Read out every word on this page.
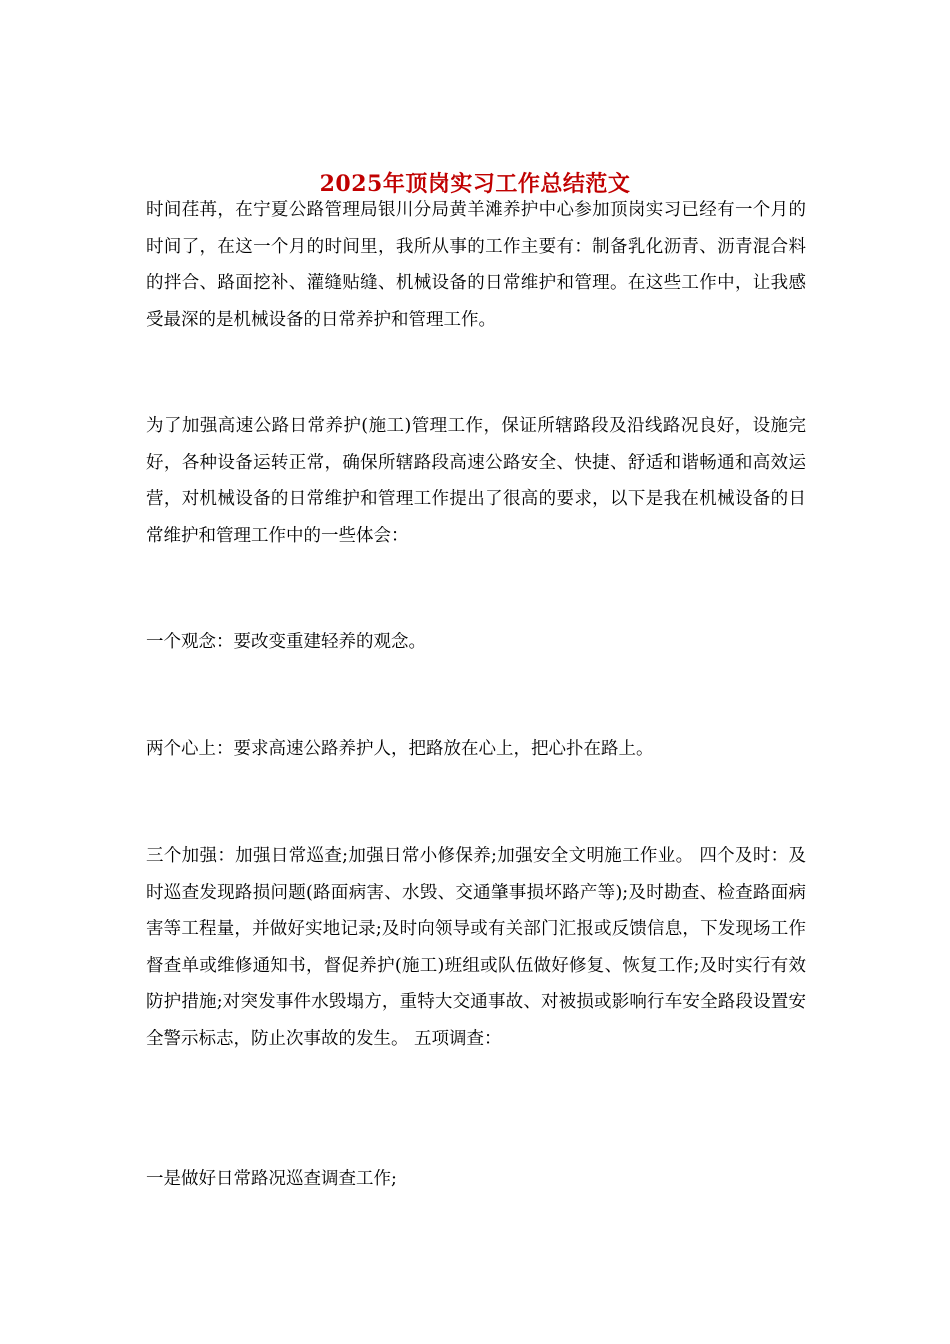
2025年顶岗实习工作总结范文

时间荏苒，在宁夏公路管理局银川分局黄羊滩养护中心参加顶岗实习已经有一个月的时间了，在这一个月的时间里，我所从事的工作主要有：制备乳化沥青、沥青混合料的拌合、路面挖补、灌缝贴缝、机械设备的日常维护和管理。在这些工作中，让我感受最深的是机械设备的日常养护和管理工作。

为了加强高速公路日常养护(施工)管理工作，保证所辖路段及沿线路况良好，设施完好，各种设备运转正常，确保所辖路段高速公路安全、快捷、舒适和谐畅通和高效运营，对机械设备的日常维护和管理工作提出了很高的要求，以下是我在机械设备的日常维护和管理工作中的一些体会：

一个观念：要改变重建轻养的观念。

两个心上：要求高速公路养护人，把路放在心上，把心扑在路上。

三个加强：加强日常巡查;加强日常小修保养;加强安全文明施工作业。 四个及时：及时巡查发现路损问题(路面病害、水毁、交通肇事损坏路产等);及时勘查、检查路面病害等工程量，并做好实地记录;及时向领导或有关部门汇报或反馈信息，下发现场工作督查单或维修通知书，督促养护(施工)班组或队伍做好修复、恢复工作;及时实行有效防护措施;对突发事件水毁塌方，重特大交通事故、对被损或影响行车安全路段设置安全警示标志，防止次事故的发生。 五项调查：

一是做好日常路况巡查调查工作;
